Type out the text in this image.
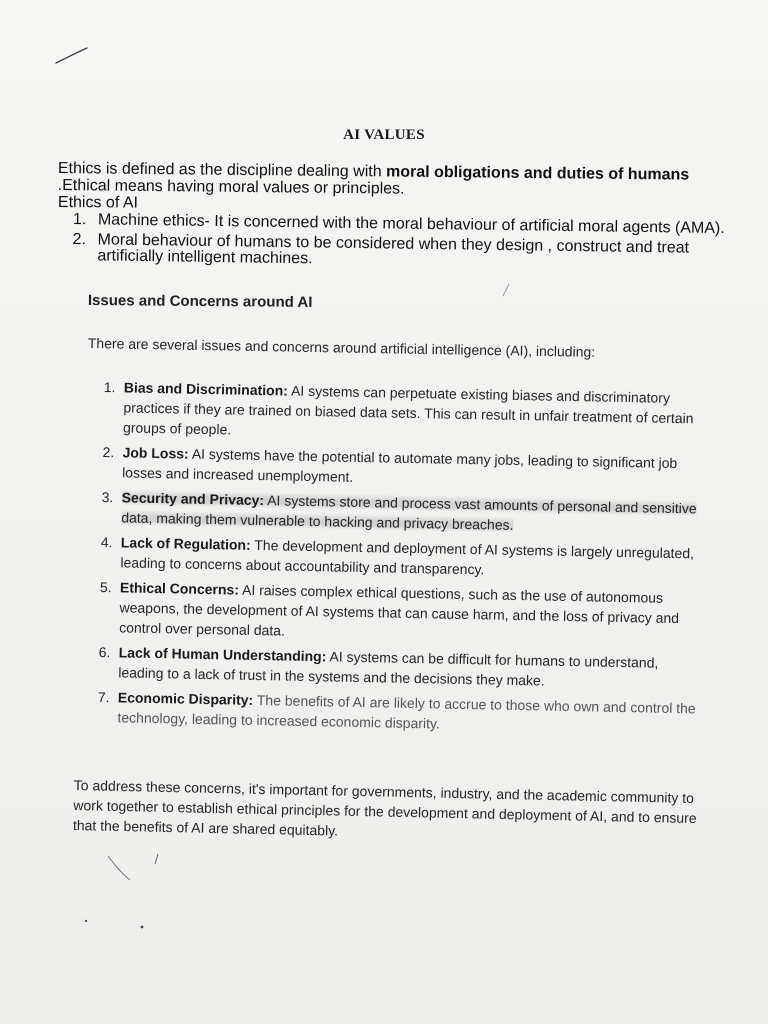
AI VALUES
Ethics is defined as the discipline dealing with moral obligations and duties of humans .Ethical means having moral values or principles.
Ethics of AI
1. Machine ethics- It is concerned with the moral behaviour of artificial moral agents (AMA).
2. Moral behaviour of humans to be considered when they design , construct and treat artificially intelligent machines.
Issues and Concerns around AI
There are several issues and concerns around artificial intelligence (AI), including:
1. Bias and Discrimination: AI systems can perpetuate existing biases and discriminatory practices if they are trained on biased data sets. This can result in unfair treatment of certain groups of people.
2. Job Loss: AI systems have the potential to automate many jobs, leading to significant job losses and increased unemployment.
3. Security and Privacy: AI systems store and process vast amounts of personal and sensitive data, making them vulnerable to hacking and privacy breaches.
4. Lack of Regulation: The development and deployment of AI systems is largely unregulated, leading to concerns about accountability and transparency.
5. Ethical Concerns: AI raises complex ethical questions, such as the use of autonomous weapons, the development of AI systems that can cause harm, and the loss of privacy and control over personal data.
6. Lack of Human Understanding: AI systems can be difficult for humans to understand, leading to a lack of trust in the systems and the decisions they make.
7. Economic Disparity: The benefits of AI are likely to accrue to those who own and control the technology, leading to increased economic disparity.
To address these concerns, it's important for governments, industry, and the academic community to work together to establish ethical principles for the development and deployment of AI, and to ensure that the benefits of AI are shared equitably.
